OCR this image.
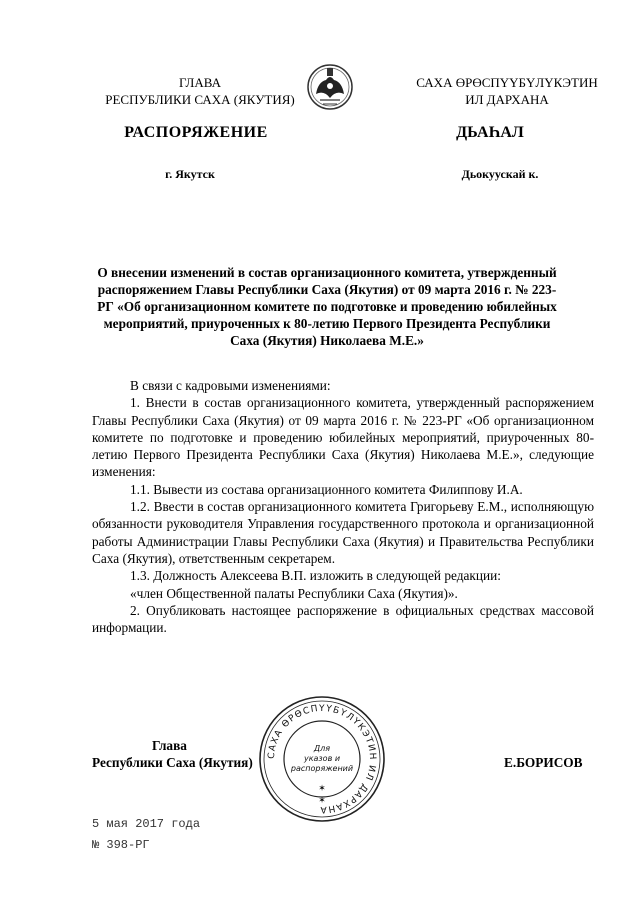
ГЛАВА
РЕСПУБЛИКИ САХА (ЯКУТИЯ)
САХА ӨРӨСПҮҮБҮЛҮКЭТИН
ИЛ ДАРХАНА
РАСПОРЯЖЕНИЕ	ДЬАҺАЛ
г. Якутск	Дьокуускай к.
О внесении изменений в состав организационного комитета, утвержденный распоряжением Главы Республики Саха (Якутия) от 09 марта 2016 г. № 223-РГ «Об организационном комитете по подготовке и проведению юбилейных мероприятий, приуроченных к 80-летию Первого Президента Республики Саха (Якутия) Николаева М.Е.»

В связи с кадровыми изменениями:

1. Внести в состав организационного комитета, утвержденный распоряжением Главы Республики Саха (Якутия) от 09 марта 2016 г. № 223-РГ «Об организационном комитете по подготовке и проведению юбилейных мероприятий, приуроченных 80-летию Первого Президента Республики Саха (Якутия) Николаева М.Е.», следующие изменения:

1.1. Вывести из состава организационного комитета Филиппову И.А.

1.2. Ввести в состав организационного комитета Григорьеву Е.М., исполняющую обязанности руководителя Управления государственного протокола и организационной работы Администрации Главы Республики Саха (Якутия) и Правительства Республики Саха (Якутия), ответственным секретарем.

1.3. Должность Алексеева В.П. изложить в следующей редакции:

«член Общественной палаты Республики Саха (Якутия)».

2. Опубликовать настоящее распоряжение в официальных средствах массовой информации.

САХА ӨРӨСПҮҮБҮЛҮКЭТИН ИЛ ДАРХАНА
Для
указов и
распоряжений
✶
✶
Глава
Республики Саха (Якутия)	Е.БОРИСОВ
5 мая 2017 года
№ 398-РГ
